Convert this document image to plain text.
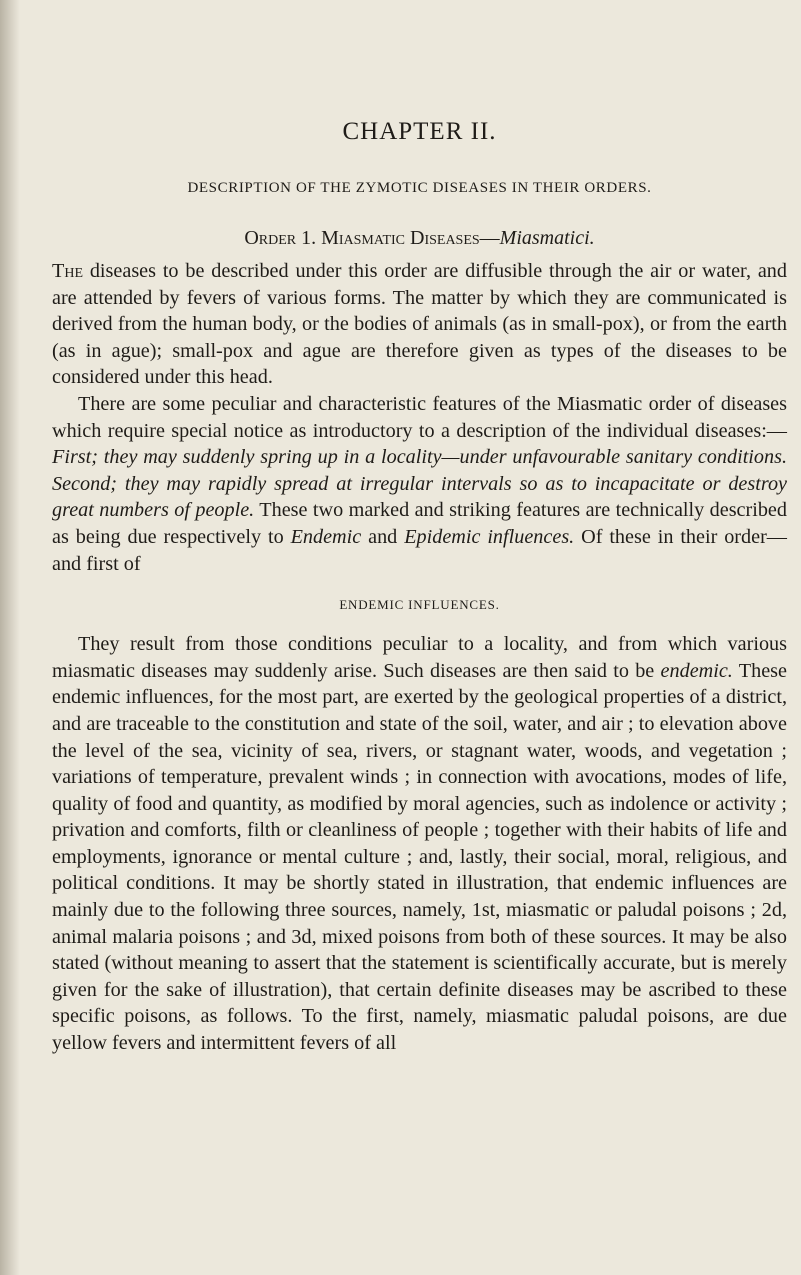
CHAPTER II.
DESCRIPTION OF THE ZYMOTIC DISEASES IN THEIR ORDERS.
Order 1. Miasmatic Diseases—Miasmatici.

The diseases to be described under this order are diffusible through the air or water, and are attended by fevers of various forms. The matter by which they are communicated is derived from the human body, or the bodies of animals (as in small-pox), or from the earth (as in ague); small-pox and ague are therefore given as types of the diseases to be considered under this head.

There are some peculiar and characteristic features of the Miasmatic order of diseases which require special notice as introductory to a description of the individual diseases:—First; they may suddenly spring up in a locality—under unfavourable sanitary conditions. Second; they may rapidly spread at irregular intervals so as to incapacitate or destroy great numbers of people. These two marked and striking features are technically described as being due respectively to Endemic and Epidemic influences. Of these in their order—and first of

ENDEMIC INFLUENCES.

They result from those conditions peculiar to a locality, and from which various miasmatic diseases may suddenly arise. Such diseases are then said to be endemic. These endemic influences, for the most part, are exerted by the geological properties of a district, and are traceable to the constitution and state of the soil, water, and air ; to elevation above the level of the sea, vicinity of sea, rivers, or stagnant water, woods, and vegetation ; variations of temperature, prevalent winds ; in connection with avocations, modes of life, quality of food and quantity, as modified by moral agencies, such as indolence or activity ; privation and comforts, filth or cleanliness of people ; together with their habits of life and employments, ignorance or mental culture ; and, lastly, their social, moral, religious, and political conditions. It may be shortly stated in illustration, that endemic influences are mainly due to the following three sources, namely, 1st, miasmatic or paludal poisons ; 2d, animal malaria poisons ; and 3d, mixed poisons from both of these sources. It may be also stated (without meaning to assert that the statement is scientifically accurate, but is merely given for the sake of illustration), that certain definite diseases may be ascribed to these specific poisons, as follows. To the first, namely, miasmatic paludal poisons, are due yellow fevers and intermittent fevers of all
